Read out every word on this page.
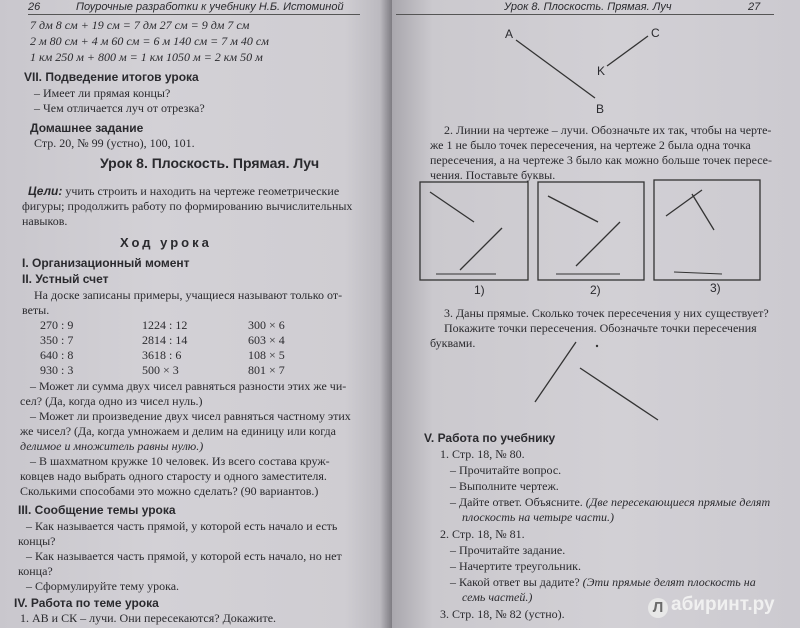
26	Поурочные разработки к учебнику Н.Б. Истоминой
7 дм 8 см + 19 см = 7 дм 27 см = 9 дм 7 см
2 м 80 см + 4 м 60 см = 6 м 140 см = 7 м 40 см
1 км 250 м + 800 м = 1 км 1050 м = 2 км 50 м
VII. Подведение итогов урока
– Имеет ли прямая концы?
– Чем отличается луч от отрезка?
Домашнее задание
Стр. 20, № 99 (устно), 100, 101.
Урок 8. Плоскость. Прямая. Луч
Цели: учить строить и находить на чертеже геометрические
фигуры; продолжить работу по формированию вычислительных
навыков.
Ход урока
I. Организационный момент
II. Устный счет
На доске записаны примеры, учащиеся называют только от-
веты.
270 : 9	1224 : 12	300 × 6
350 : 7	2814 : 14	603 × 4
640 : 8	3618 : 6	108 × 5
930 : 3	500 × 3	801 × 7
– Может ли сумма двух чисел равняться разности этих же чи-
сел? (Да, когда одно из чисел нуль.)
– Может ли произведение двух чисел равняться частному этих
же чисел? (Да, когда умножаем и делим на единицу или когда
делимое и множитель равны нулю.)
– В шахматном кружке 10 человек. Из всего состава круж-
ковцев надо выбрать одного старосту и одного заместителя.
Сколькими способами это можно сделать? (90 вариантов.)
III. Сообщение темы урока
– Как называется часть прямой, у которой есть начало и есть
концы?
– Как называется часть прямой, у которой есть начало, но нет
конца?
– Сформулируйте тему урока.
IV. Работа по теме урока
1. АВ и СК – лучи. Они пересекаются? Докажите.
Урок 8. Плоскость. Прямая. Луч	27
A
B
C
K
2. Линии на чертеже – лучи. Обозначьте их так, чтобы на черте-
же 1 не было точек пересечения, на чертеже 2 была одна точка
пересечения, а на чертеже 3 было как можно больше точек пересе-
чения. Поставьте буквы.
1)	2)	3)
3. Даны прямые. Сколько точек пересечения у них существует?
Покажите точки пересечения. Обозначьте точки пересечения
буквами.
V. Работа по учебнику
1. Стр. 18, № 80.
– Прочитайте вопрос.
– Выполните чертеж.
– Дайте ответ. Объясните. (Две пересекающиеся прямые делят
плоскость на четыре части.)
2. Стр. 18, № 81.
– Прочитайте задание.
– Начертите треугольник.
– Какой ответ вы дадите? (Эти прямые делят плоскость на
семь частей.)
3. Стр. 18, № 82 (устно).	Л абиринт.ру
